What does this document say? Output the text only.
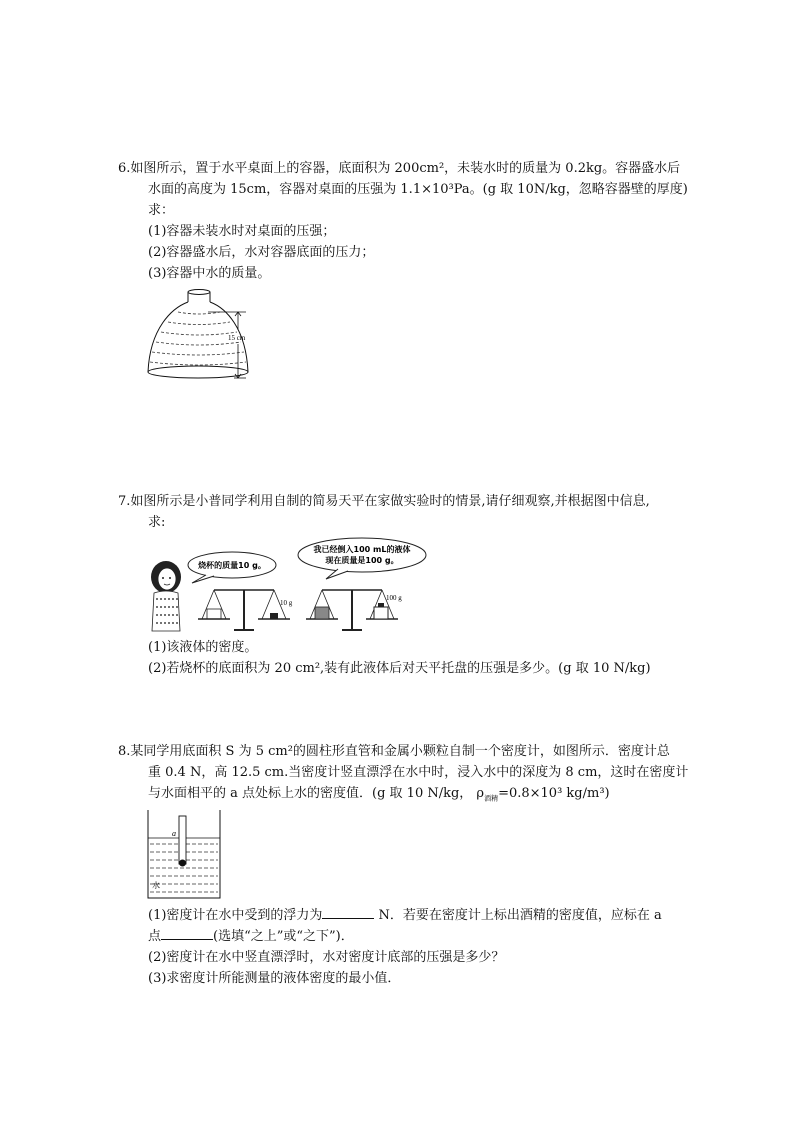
6.如图所示，置于水平桌面上的容器，底面积为 200cm²，未装水时的质量为 0.2kg。容器盛水后

水面的高度为 15cm，容器对桌面的压强为 1.1×10³Pa。(g 取 10N/kg，忽略容器壁的厚度)

求：

(1)容器未装水时对桌面的压强；

(2)容器盛水后，水对容器底面的压力；

(3)容器中水的质量。

15 cm

7.如图所示是小普同学利用自制的简易天平在家做实验时的情景,请仔细观察,并根据图中信息,

求:

烧杯的质量10 g。
我已经倒入100 mL的液体
现在质量是100 g。
10 g
100 g

(1)该液体的密度。

(2)若烧杯的底面积为 20 cm²,装有此液体后对天平托盘的压强是多少。(g 取 10 N/kg)

8.某同学用底面积 S 为 5 cm²的圆柱形直管和金属小颗粒自制一个密度计，如图所示．密度计总

重 0.4 N，高 12.5 cm.当密度计竖直漂浮在水中时，浸入水中的深度为 8 cm，这时在密度计

与水面相平的 a 点处标上水的密度值．(g 取 10 N/kg， $\rho_{酒精}=0.8\times 10^3$ kg/m³)

a
水

(1)密度计在水中受到的浮力为	N．若要在密度计上标出酒精的密度值，应标在 a

点	(选填“之上”或“之下”)．

(2)密度计在水中竖直漂浮时，水对密度计底部的压强是多少？

(3)求密度计所能测量的液体密度的最小值．
